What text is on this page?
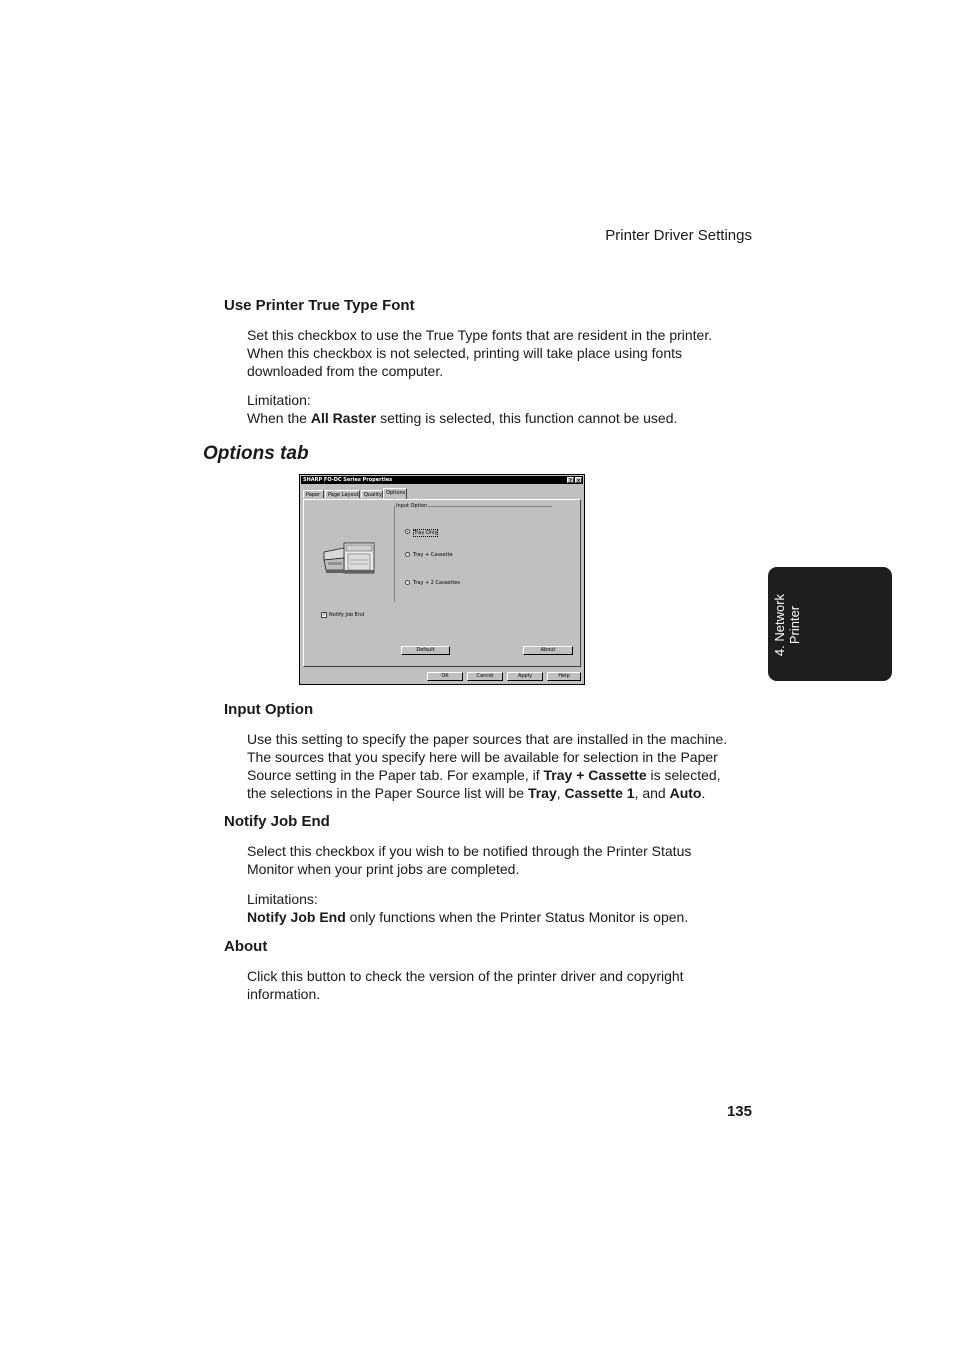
Printer Driver Settings
Use Printer True Type Font

Set this checkbox to use the True Type fonts that are resident in the printer. When this checkbox is not selected, printing will take place using fonts downloaded from the computer.

Limitation:

When the All Raster setting is selected, this function cannot be used.

Options tab
SHARP FO-DC Series Properties	? ×
Paper	Page Layout	Quality Options
Input Option
Tray Only
Tray + Cassette
Tray + 2 Cassettes
✓ Notify Job End
Default	About
OK	Cancel	Apply	Help
Input Option

Use this setting to specify the paper sources that are installed in the machine. The sources that you specify here will be available for selection in the Paper Source setting in the Paper tab. For example, if Tray + Cassette is selected, the selections in the Paper Source list will be Tray, Cassette 1, and Auto.

Notify Job End

Select this checkbox if you wish to be notified through the Printer Status Monitor when your print jobs are completed.

Limitations:

Notify Job End only functions when the Printer Status Monitor is open.

About

Click this button to check the version of the printer driver and copyright information.

4. Network Printer
135
